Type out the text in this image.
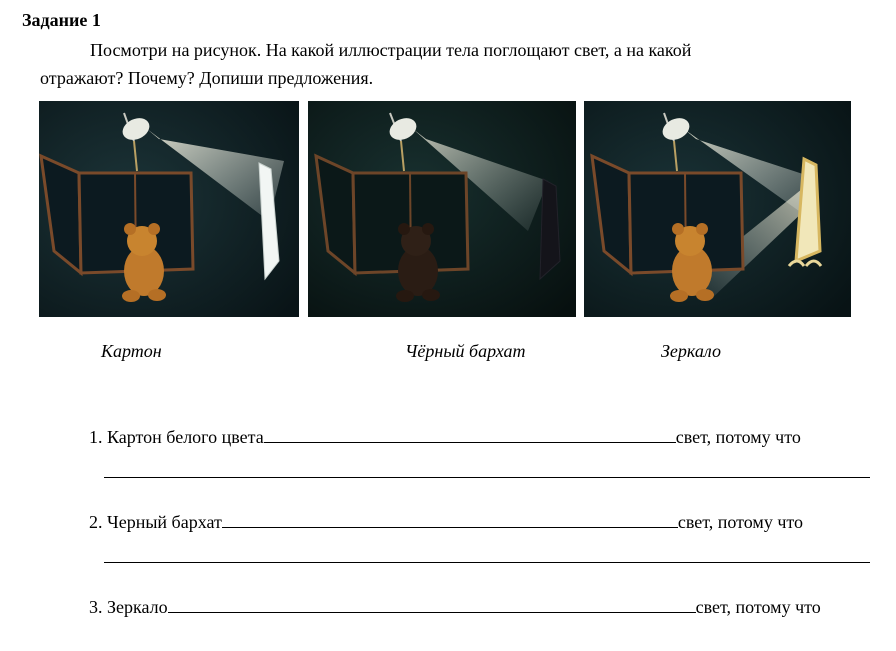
Задание 1
Посмотри на рисунок. На какой иллюстрации тела поглощают свет, а на какой
отражают? Почему? Допиши предложения.
Картон	Чёрный бархат	Зеркало
1. Картон белого цвета	свет, потому что
2. Черный бархат	свет, потому что
3. Зеркало	свет, потому что
